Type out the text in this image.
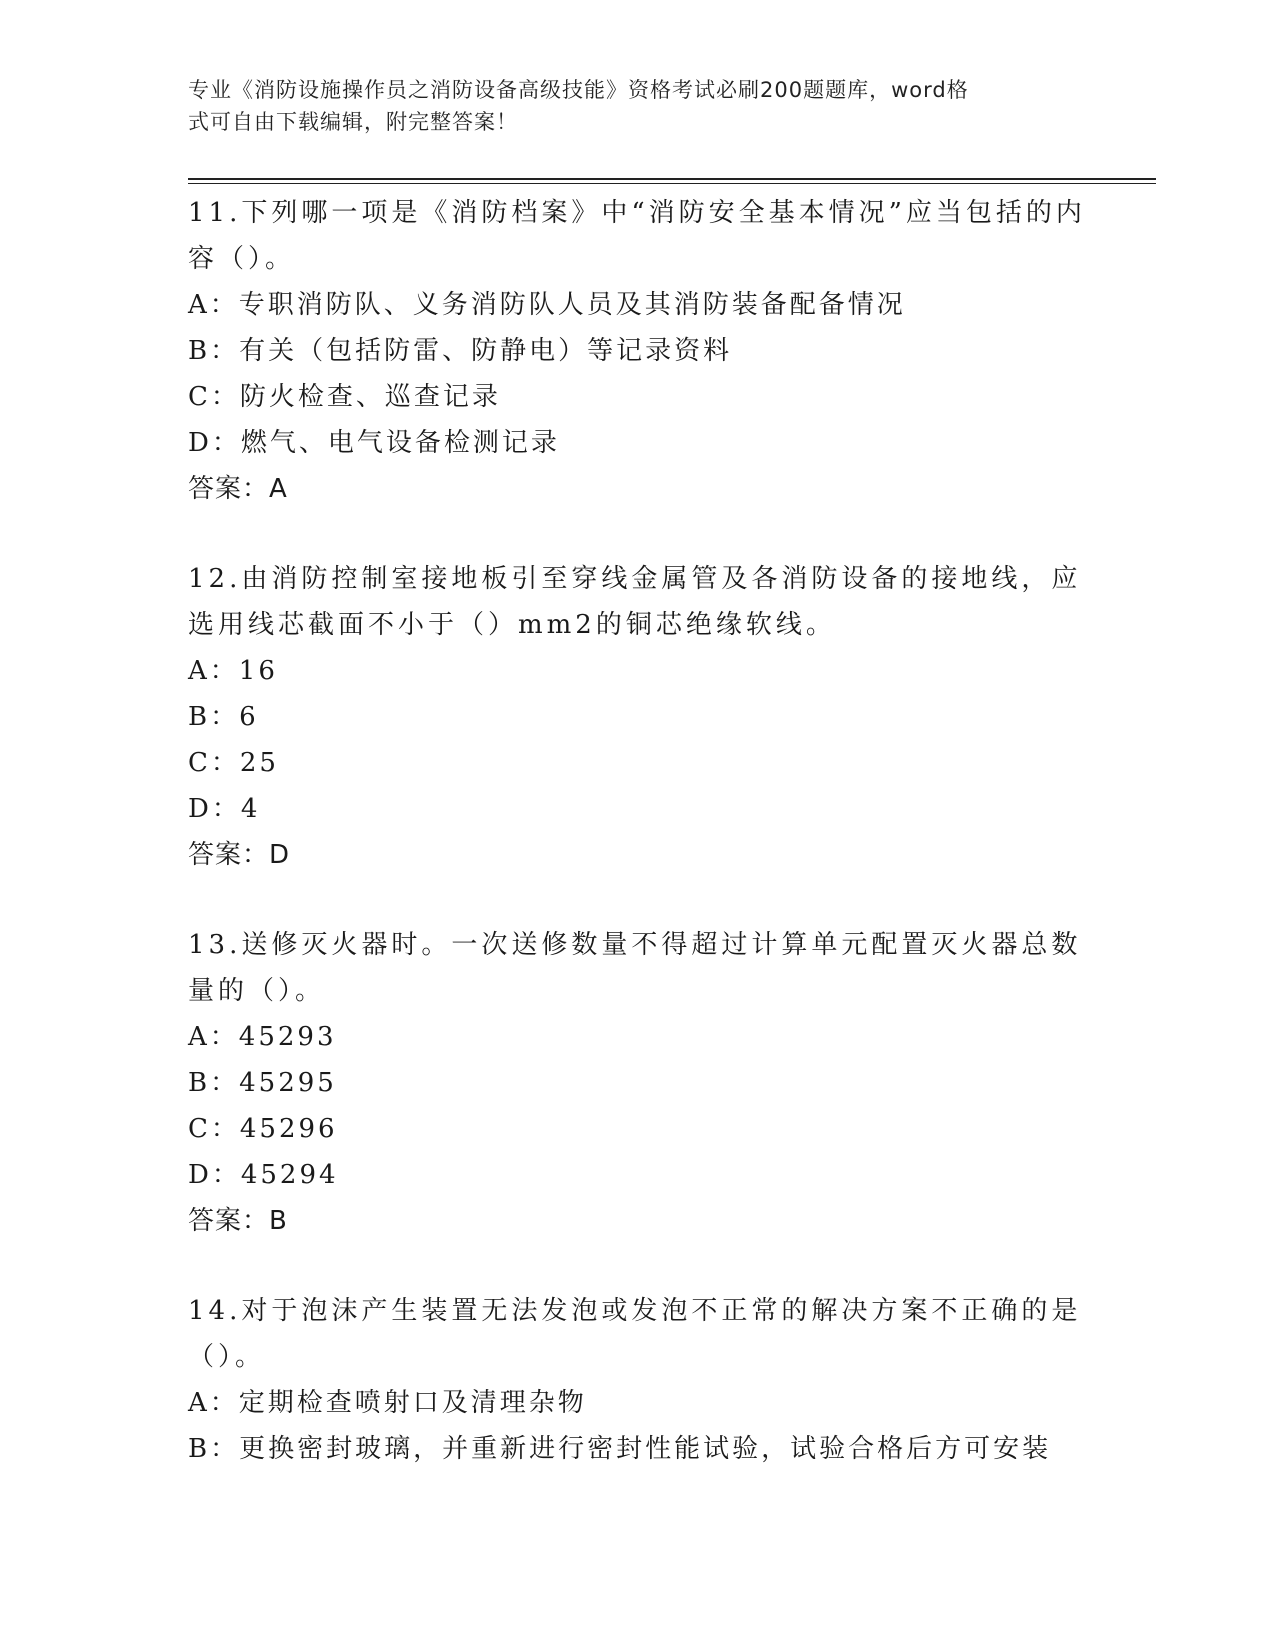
专业《消防设施操作员之消防设备高级技能》资格考试必刷200题题库，word格
式可自由下载编辑，附完整答案！

11.下列哪一项是《消防档案》中“消防安全基本情况”应当包括的内容（）。

A：专职消防队、义务消防队人员及其消防装备配备情况

B：有关（包括防雷、防静电）等记录资料

C：防火检查、巡查记录

D：燃气、电气设备检测记录

答案：A

12.由消防控制室接地板引至穿线金属管及各消防设备的接地线，应选用线芯截面不小于（）mm2的铜芯绝缘软线。

A：16

B：6

C：25

D：4

答案：D

13.送修灭火器时。一次送修数量不得超过计算单元配置灭火器总数量的（）。

A：45293

B：45295

C：45296

D：45294

答案：B

14.对于泡沫产生装置无法发泡或发泡不正常的解决方案不正确的是（）。

A：定期检查喷射口及清理杂物

B：更换密封玻璃，并重新进行密封性能试验，试验合格后方可安装
